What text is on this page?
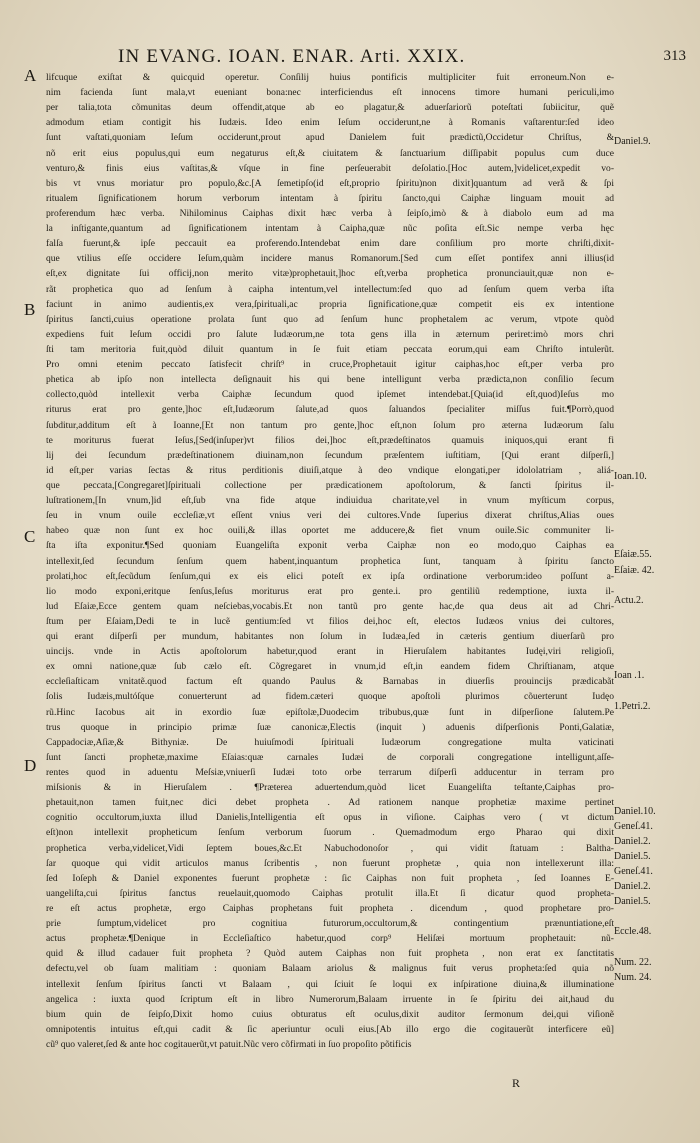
IN EVANG. IOAN. ENAR. Arti. XXIX.	313
A
B
C
D
lifcuque exiſtat & quicquid operetur. Conſilij huius pontificis multipliciter fuit erroneum.Non e-
nim facienda ſunt mala,vt eueniant bona:nec interficiendus eſt innocens timore humani periculi,imo
per talia,tota cõmunitas deum offendit,atque ab eo plagatur,& aduerſariorũ poteſtati ſubiicitur, quẽ
admodum etiam contigit his Iudæis. Ideo enim Ieſum occiderunt,ne à Romanis vaſtarentur:ſed ideo
ſunt vaſtati,quoniam Ieſum occiderunt,prout apud Danielem fuit prædictũ,Occidetur Chriſtus, &
nõ erit eius populus,qui eum negaturus eſt,& ciuitatem & ſanctuarium diſſipabit populus cum duce
venturo,& finis eius vaſtitas,& vſque in fine perſeuerabit deſolatio.[Hoc autem,]videlicet,expedit vo-
bis vt vnus moriatur pro populo,&c.[A ſemetipſo(id eſt,proprio ſpiritu)non dixit]quantum ad verã & ſpi
ritualem ſignificationem horum verborum intentam à ſpiritu ſancto,qui Caiphæ linguam mouit ad
proferendum hæc verba. Nihilominus Caiphas dixit hæc verba à ſeipſo,imò & à diabolo eum ad ma
la inſtigante,quantum ad ſignificationem intentam à Caipha,quæ nũc poſita eſt.Sic nempe verba hęc
falſa fuerunt,& ipſe peccauit ea proferendo.Intendebat enim dare conſilium pro morte chriſti,dixit-
que vtilius eſſe occidere Ieſum,quàm incidere manus Romanorum.[Sed cum eſſet pontifex anni illius(id
eſt,ex dignitate ſui officij,non merito vitæ)prophetauit,]hoc eſt,verba prophetica pronunciauit,quæ non e-
rãt prophetica quo ad ſenſum à caipha intentum,vel intellectum:ſed quo ad ſenſum quem verba iſta
faciunt in animo audientis,ex vera,ſpirituali,ac propria ſignificatione,quæ competit eis ex intentione
ſpiritus ſancti,cuius operatione prolata ſunt quo ad ſenſum hunc prophetalem ac verum, vtpote quòd
expediens fuit Ieſum occidi pro ſalute Iudæorum,ne tota gens illa in æternum periret:imò mors chri
ſti tam meritoria fuit,quòd diluit quantum in ſe fuit etiam peccata eorum,qui eam Chriſto intulerũt.
Pro omni etenim peccato ſatisfecit chriſt⁹ in cruce,Prophetauit igitur caiphas,hoc eſt,per verba pro
phetica ab ipſo non intellecta deſignauit his qui bene intelligunt verba prædicta,non conſilio ſecum
collecto,quòd intellexit verba Caiphæ ſecundum quod ipſemet intendebat.[Quia(id eſt,quod)Ieſus mo
riturus erat pro gente,]hoc eſt,Iudæorum ſalute,ad quos ſaluandos ſpecialiter miſſus fuit.¶Porrò,quod
ſubditur,additum eſt à Ioanne,[Et non tantum pro gente,]hoc eſt,non ſolum pro æterna Iudæorum ſalu
te moriturus fuerat Ieſus,[Sed(inſuper)vt filios dei,]hoc eſt,prædeſtinatos quamuis iniquos,qui erant fi
lij dei ſecundum prædeſtinationem diuinam,non ſecundum præſentem iuſtitiam, [Qui erant diſperſi,]
id eſt,per varias ſectas & ritus perditionis diuiſi,atque à deo vndique elongati,per idololatriam , aliá-
que peccata,[Congregaret]ſpirituali collectione per prædicationem apoſtolorum, & ſancti ſpiritus il-
luſtrationem,[In vnum,]id eſt,ſub vna fide atque indiuidua charitate,vel in vnum myſticum corpus,
ſeu in vnum ouile eccleſiæ,vt eſſent vnius veri dei cultores.Vnde ſuperius dixerat chriſtus,Alias oues
habeo quæ non ſunt ex hoc ouili,& illas oportet me adducere,& fiet vnum ouile.Sic communiter li-
ſta iſta exponitur.¶Sed quoniam Euangeliſta exponit verba Caiphæ non eo modo,quo Caiphas ea
intellexit,ſed ſecundum ſenſum quem habent,inquantum prophetica ſunt, tanquam à ſpiritu ſancto
prolati,hoc eſt,ſecũdum ſenſum,qui ex eis elici poteſt ex ipſa ordinatione verborum:ideo poſſunt a-
lio modo exponi,eritque ſenſus,Ieſus moriturus erat pro gente.i. pro gentiliũ redemptione, iuxta il-
lud Eſaiæ,Ecce gentem quam neſciebas,vocabis.Et non tantũ pro gente hac,de qua deus ait ad Chri-
ſtum per Eſaiam,Dedi te in lucẽ gentium:ſed vt filios dei,hoc eſt, electos Iudæos vnius dei cultores,
qui erant diſperſi per mundum, habitantes non ſolum in Iudæa,ſed in cæteris gentium diuerſarũ pro
uincijs. vnde in Actis apoſtolorum habetur,quod erant in Hieruſalem habitantes Iudęi,viri religioſi,
ex omni natione,quæ ſub cælo eſt. Cõgregaret in vnum,id eſt,in eandem fidem Chriſtianam, atque
eccleſiaſticam vnitatẽ.quod factum eſt quando Paulus & Barnabas in diuerſis prouincijs prædicabãt
ſolis Iudæis,multóſque conuerterunt ad fidem.cæteri quoque apoſtoli plurimos cõuerterunt Iudęo
rũ.Hinc Iacobus ait in exordio ſuæ epiſtolæ,Duodecim tribubus,quæ ſunt in diſperſione ſalutem.Pe
trus quoque in principio primæ ſuæ canonicæ,Electis (inquit ) aduenis diſperſionis Ponti,Galatiæ,
Cappadociæ,Aſiæ,& Bithyniæ. De huiuſmodi ſpirituali Iudæorum congregatione multa vaticinati
ſunt ſancti prophetæ,maxime Eſaias:quæ carnales Iudæi de corporali congregatione intelligunt,aſſe-
rentes quod in aduentu Meſsiæ,vniuerſi Iudæi toto orbe terrarum diſperſi adducentur in terram pro
miſsionis & in Hieruſalem . ¶Præterea aduertendum,quòd licet Euangeliſta teſtante,Caiphas pro-
phetauit,non tamen fuit,nec dici debet propheta . Ad rationem nanque prophetiæ maxime pertinet
cognitio occultorum,iuxta illud Danielis,Intelligentia eſt opus in viſione. Caiphas vero ( vt dictum
eſt)non intellexit propheticum ſenſum verborum ſuorum . Quemadmodum ergo Pharao qui dixit
prophetica verba,videlicet,Vidi ſeptem boues,&c.Et Nabuchodonoſor , qui vidit ſtatuam : Baltha-
ſar quoque qui vidit articulos manus ſcribentis , non fuerunt prophetæ , quia non intellexerunt illa:
ſed Ioſeph & Daniel exponentes fuerunt prophetæ : ſic Caiphas non fuit propheta , ſed Ioannes E-
uangeliſta,cui ſpiritus ſanctus reuelauit,quomodo Caiphas protulit illa.Et ſi dicatur quod propheta-
re eſt actus prophetæ, ergo Caiphas prophetans fuit propheta . dicendum , quod prophetare pro-
prie ſumptum,videlicet pro cognitiua futurorum,occultorum,& contingentium prænuntiatione,eſt
actus prophetæ.¶Denique in Eccleſiaſtico habetur,quod corp⁹ Heliſæi mortuum prophetauit: nũ-
quid & illud cadauer fuit propheta ? Quòd autem Caiphas non fuit propheta , non erat ex ſanctitatis
defectu,vel ob ſuam malitiam : quoniam Balaam ariolus & malignus fuit verus propheta:ſed quia nõ
intellexit ſenſum ſpiritus ſancti vt Balaam , qui ſciuit ſe loqui ex inſpiratione diuina,& illuminatione
angelica : iuxta quod ſcriptum eſt in libro Numerorum,Balaam irruente in ſe ſpiritu dei ait,haud du
bium quin de ſeipſo,Dixit homo cuius obturatus eſt oculus,dixit auditor ſermonum dei,qui viſionẽ
omnipotentis intuitus eſt,qui cadit & ſic aperiuntur oculi eius.[Ab illo ergo die cogitauerũt interficere eũ]
cũ⁹ quo valeret,ſed & ante hoc cogitauerũt,vt patuit.Nũc vero cõfirmati in ſuo propoſito põtificis
Daniel.9.
Ioan.10.
Eſaiæ.55.
Eſaiæ. 42.
Actu.2.
Ioan .1.
1.Petri.2.
Daniel.10.
Geneſ.41.
Daniel.2.
Daniel.5.
Geneſ.41.
Daniel.2.
Daniel.5.
Eccle.48.
Num. 22.
Num. 24.
R
